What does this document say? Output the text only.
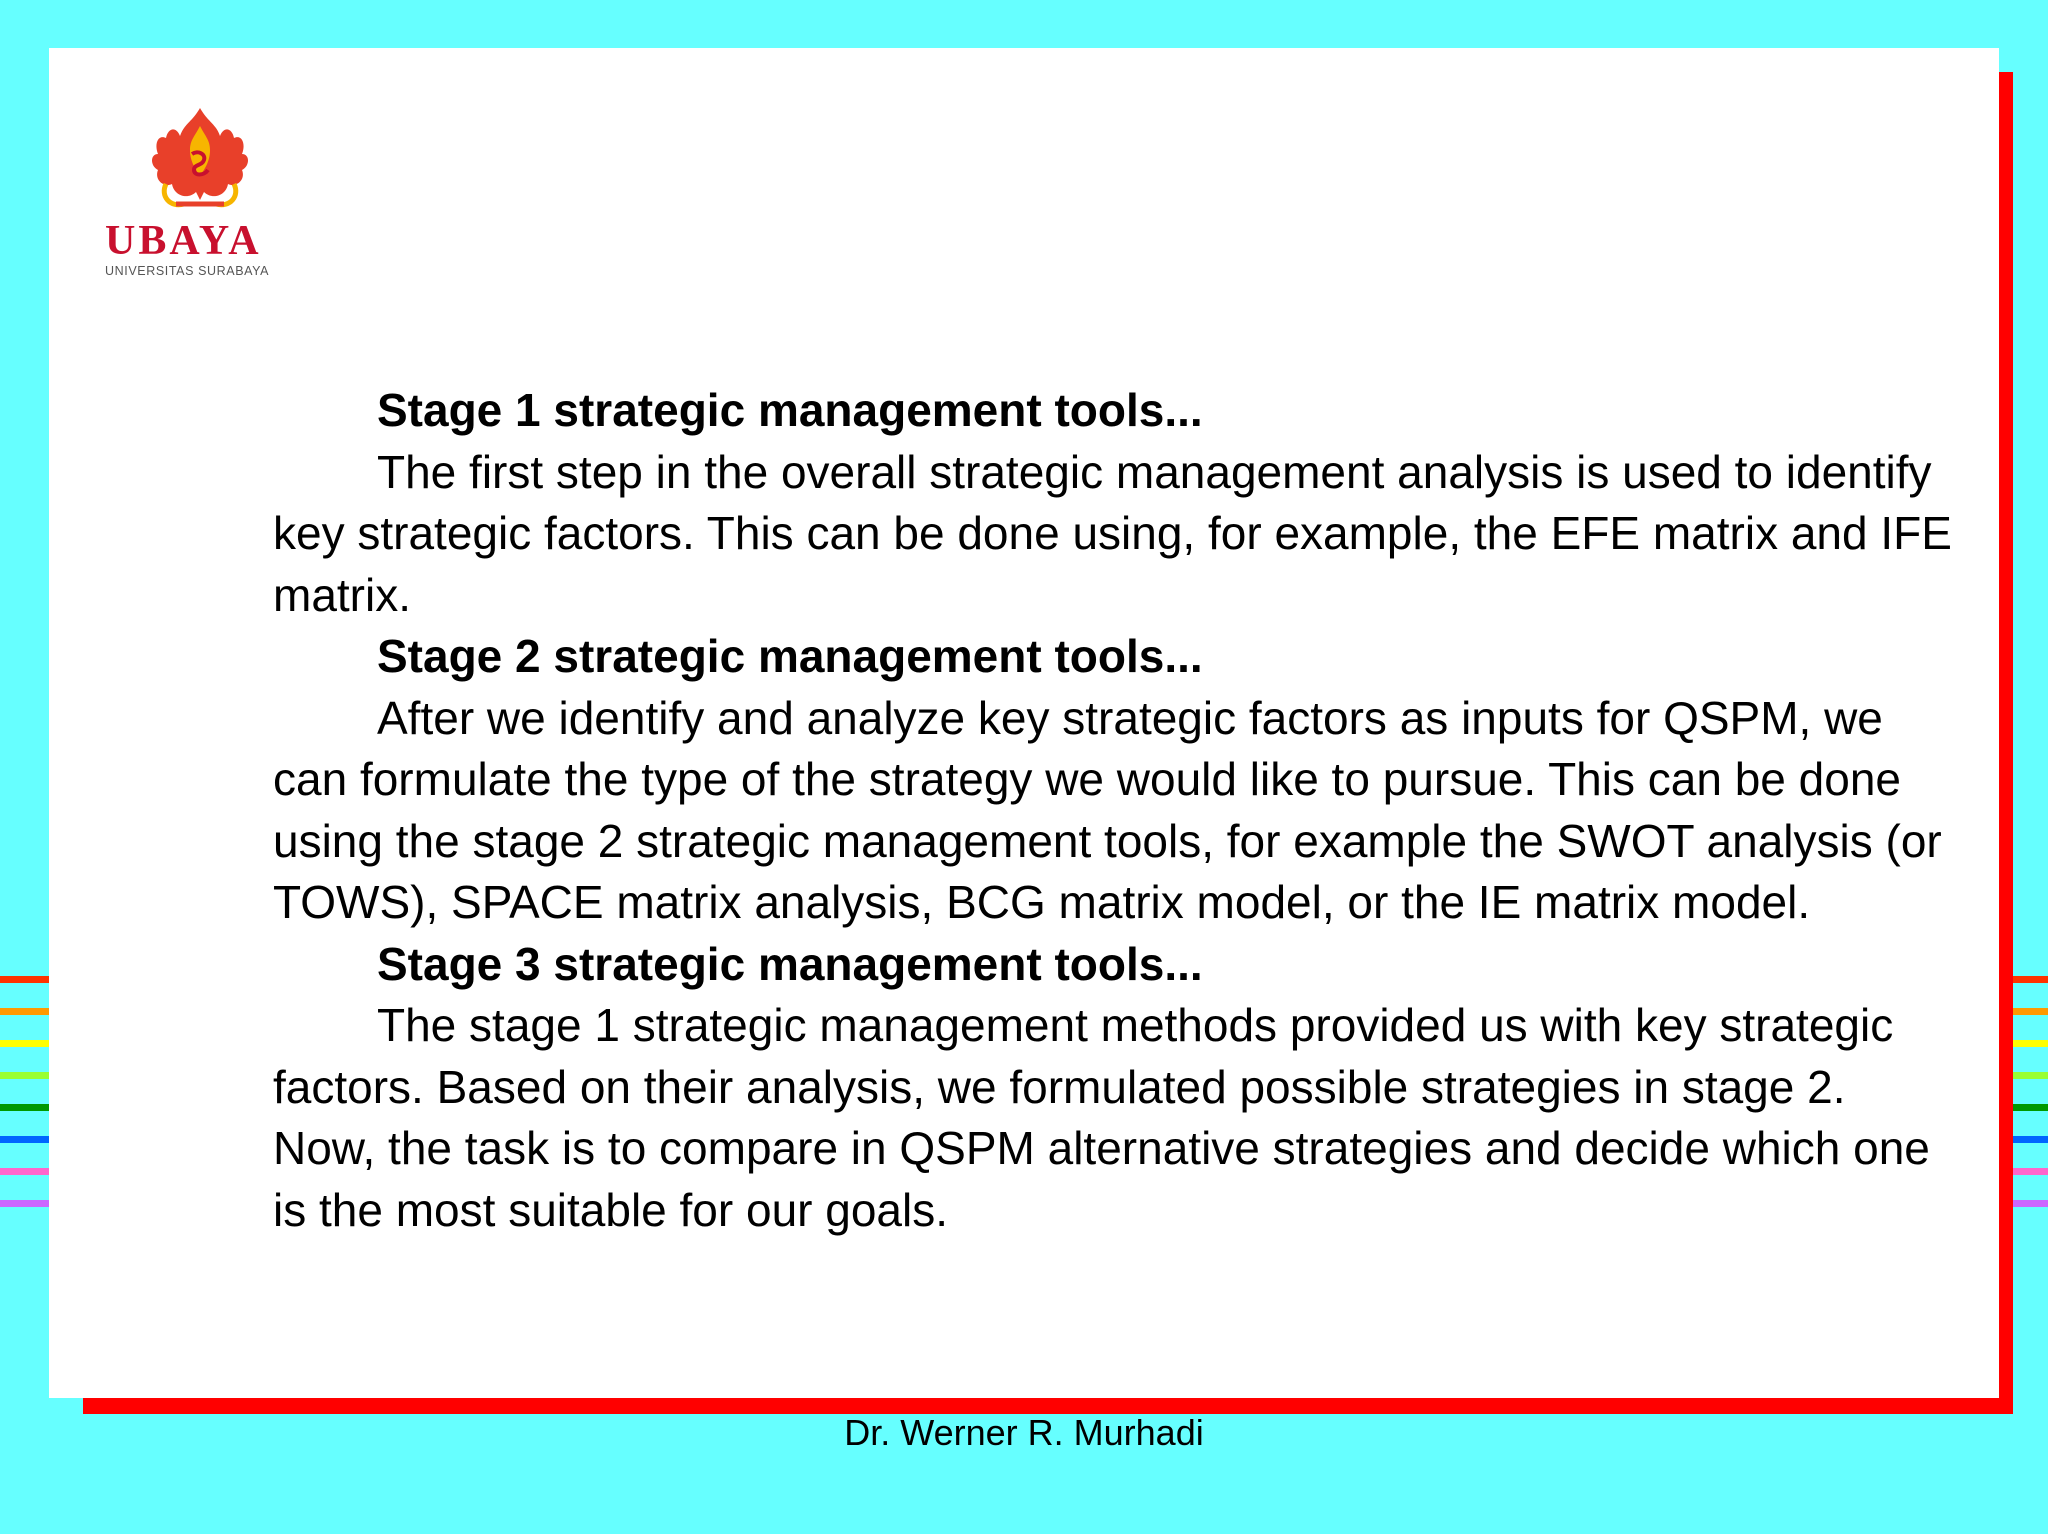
UBAYA
UNIVERSITAS SURABAYA

Stage 1 strategic management tools...

The first step in the overall strategic management analysis is used to identify key strategic factors. This can be done using, for example, the EFE matrix and IFE matrix.

Stage 2 strategic management tools...

After we identify and analyze key strategic factors as inputs for QSPM, we can formulate the type of the strategy we would like to pursue. This can be done using the stage 2 strategic management tools, for example the SWOT analysis (or TOWS), SPACE matrix analysis, BCG matrix model, or the IE matrix model.

Stage 3 strategic management tools...

The stage 1 strategic management methods provided us with key strategic factors. Based on their analysis, we formulated possible strategies in stage 2. Now, the task is to compare in QSPM alternative strategies and decide which one is the most suitable for our goals.

Dr. Werner R. Murhadi
